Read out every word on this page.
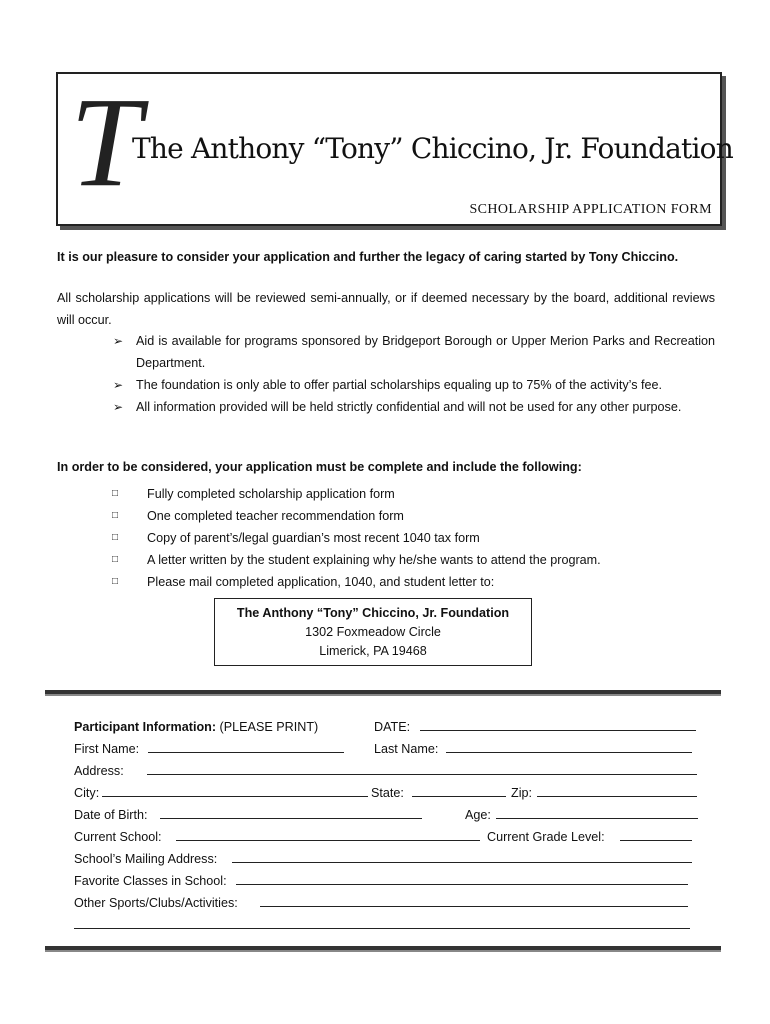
T
The Anthony “Tony” Chiccino, Jr. Foundation
SCHOLARSHIP APPLICATION FORM
It is our pleasure to consider your application and further the legacy of caring started by Tony Chiccino.
All scholarship applications will be reviewed semi-annually, or if deemed necessary by the board, additional reviews will occur.
➢ Aid is available for programs sponsored by Bridgeport Borough or Upper Merion Parks and Recreation Department.
➢ The foundation is only able to offer partial scholarships equaling up to 75% of the activity’s fee.
➢ All information provided will be held strictly confidential and will not be used for any other purpose.
In order to be considered, your application must be complete and include the following:
□ Fully completed scholarship application form
□ One completed teacher recommendation form
□ Copy of parent’s/legal guardian’s most recent 1040 tax form
□ A letter written by the student explaining why he/she wants to attend the program.
□ Please mail completed application, 1040, and student letter to:
The Anthony “Tony” Chiccino, Jr. Foundation
1302 Foxmeadow Circle
Limerick, PA 19468
Participant Information: (PLEASE PRINT)	DATE:
First Name:	Last Name:
Address:
City:	State:	Zip:
Date of Birth:	Age:
Current School:	Current Grade Level:
School’s Mailing Address:
Favorite Classes in School:
Other Sports/Clubs/Activities:
